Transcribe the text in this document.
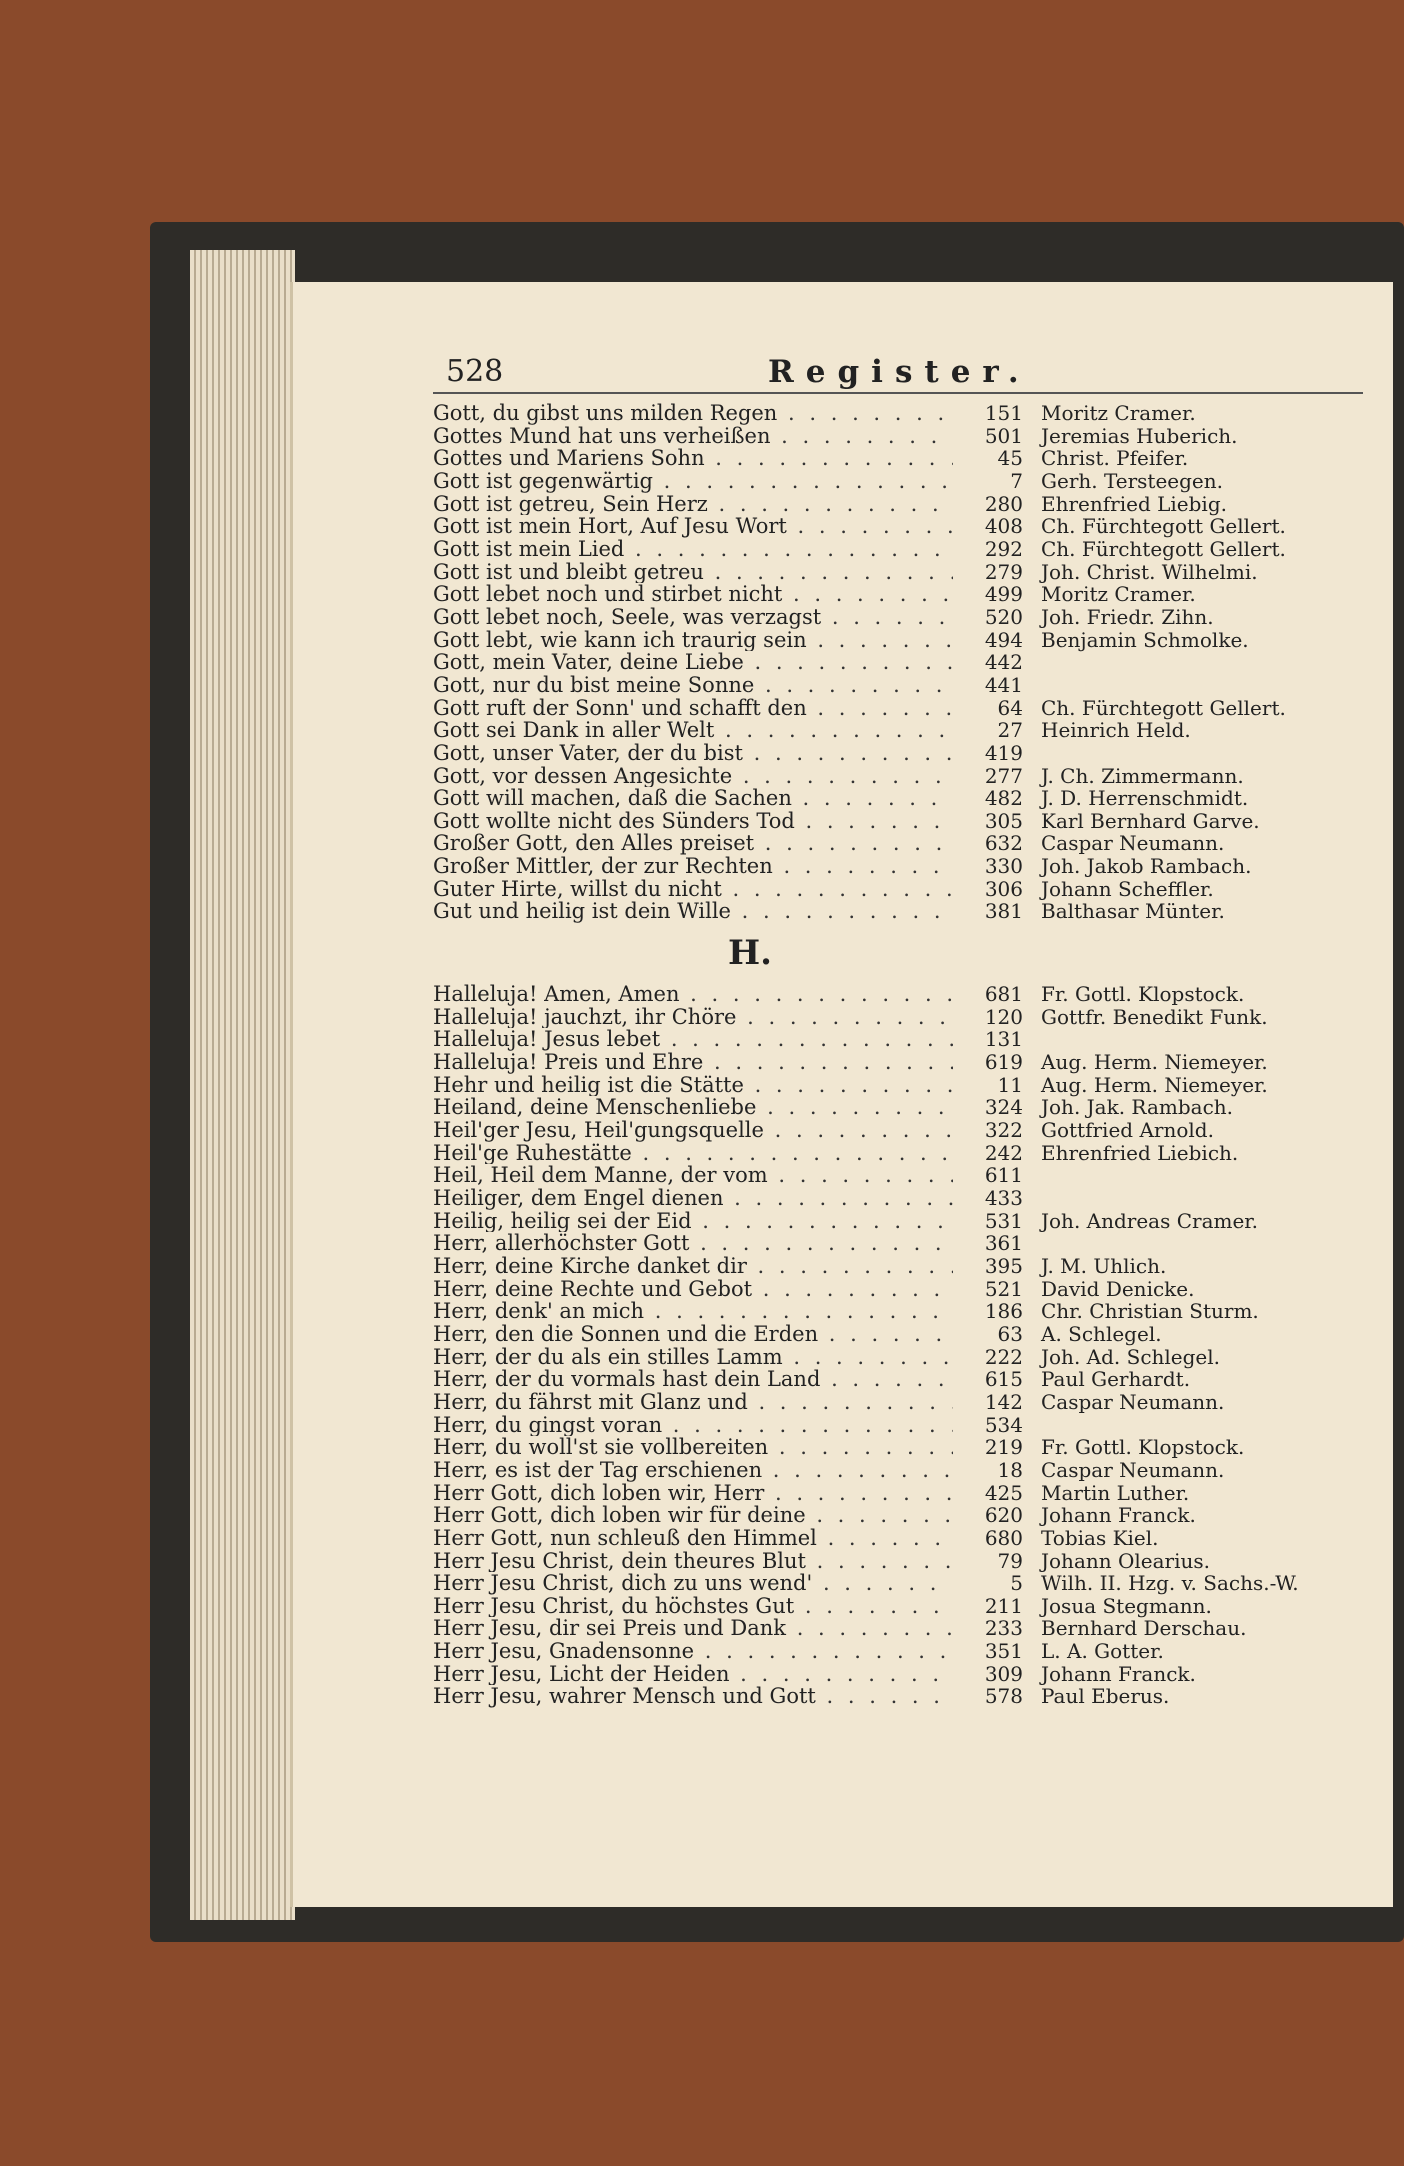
528	Register.
Gott, du gibst uns milden Regen . . .	151 Moritz Cramer.
Gottes Mund hat uns verheißen . . .	501 Jeremias Huberich.
Gottes und Mariens Sohn . . .	45 Christ. Pfeifer.
Gott ist gegenwärtig . . .	7 Gerh. Tersteegen.
Gott ist getreu, Sein Herz . . .	280 Ehrenfried Liebig.
Gott ist mein Hort, Auf Jesu Wort . . .	408 Ch. Fürchtegott Gellert.
Gott ist mein Lied . . .	292 Ch. Fürchtegott Gellert.
Gott ist und bleibt getreu . . .	279 Joh. Christ. Wilhelmi.
Gott lebet noch und stirbet nicht . . .	499 Moritz Cramer.
Gott lebet noch, Seele, was verzagst . . .	520 Joh. Friedr. Zihn.
Gott lebt, wie kann ich traurig sein . . .	494 Benjamin Schmolke.
Gott, mein Vater, deine Liebe . . .	442
Gott, nur du bist meine Sonne . . .	441
Gott ruft der Sonn' und schafft den . . .	64 Ch. Fürchtegott Gellert.
Gott sei Dank in aller Welt . . .	27 Heinrich Held.
Gott, unser Vater, der du bist . . .	419
Gott, vor dessen Angesichte . . .	277 J. Ch. Zimmermann.
Gott will machen, daß die Sachen . . .	482 J. D. Herrenschmidt.
Gott wollte nicht des Sünders Tod . . .	305 Karl Bernhard Garve.
Großer Gott, den Alles preiset . . .	632 Caspar Neumann.
Großer Mittler, der zur Rechten . . .	330 Joh. Jakob Rambach.
Guter Hirte, willst du nicht . . .	306 Johann Scheffler.
Gut und heilig ist dein Wille . . .	381 Balthasar Münter.
H.
Halleluja! Amen, Amen . . .	681 Fr. Gottl. Klopstock.
Halleluja! jauchzt, ihr Chöre . . .	120 Gottfr. Benedikt Funk.
Halleluja! Jesus lebet . . .	131
Halleluja! Preis und Ehre . . .	619 Aug. Herm. Niemeyer.
Hehr und heilig ist die Stätte . . .	11 Aug. Herm. Niemeyer.
Heiland, deine Menschenliebe . . .	324 Joh. Jak. Rambach.
Heil'ger Jesu, Heil'gungsquelle . . .	322 Gottfried Arnold.
Heil'ge Ruhestätte . . .	242 Ehrenfried Liebich.
Heil, Heil dem Manne, der vom . . .	611
Heiliger, dem Engel dienen . . .	433
Heilig, heilig sei der Eid . . .	531 Joh. Andreas Cramer.
Herr, allerhöchster Gott . . .	361
Herr, deine Kirche danket dir . . .	395 J. M. Uhlich.
Herr, deine Rechte und Gebot . . .	521 David Denicke.
Herr, denk' an mich . . .	186 Chr. Christian Sturm.
Herr, den die Sonnen und die Erden . . .	63 A. Schlegel.
Herr, der du als ein stilles Lamm . . .	222 Joh. Ad. Schlegel.
Herr, der du vormals hast dein Land . . .	615 Paul Gerhardt.
Herr, du fährst mit Glanz und . . .	142 Caspar Neumann.
Herr, du gingst voran . . .	534
Herr, du woll'st sie vollbereiten . . .	219 Fr. Gottl. Klopstock.
Herr, es ist der Tag erschienen . . .	18 Caspar Neumann.
Herr Gott, dich loben wir, Herr . . .	425 Martin Luther.
Herr Gott, dich loben wir für deine . . .	620 Johann Franck.
Herr Gott, nun schleuß den Himmel . . .	680 Tobias Kiel.
Herr Jesu Christ, dein theures Blut . . .	79 Johann Olearius.
Herr Jesu Christ, dich zu uns wend' . . .	5 Wilh. II. Hzg. v. Sachs.-W.
Herr Jesu Christ, du höchstes Gut . . .	211 Josua Stegmann.
Herr Jesu, dir sei Preis und Dank . . .	233 Bernhard Derschau.
Herr Jesu, Gnadensonne . . .	351 L. A. Gotter.
Herr Jesu, Licht der Heiden . . .	309 Johann Franck.
Herr Jesu, wahrer Mensch und Gott . . .	578 Paul Eberus.
